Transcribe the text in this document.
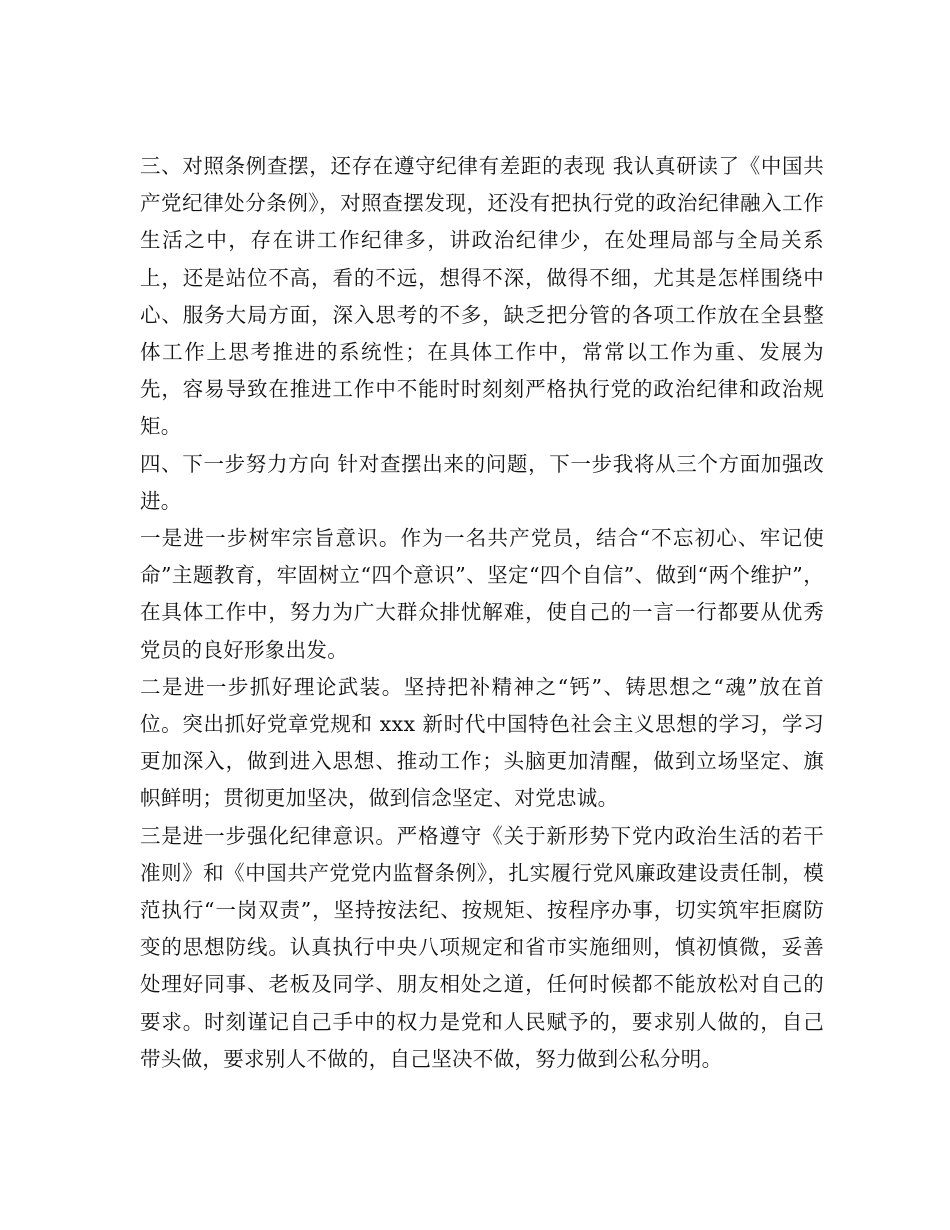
三、对照条例查摆，还存在遵守纪律有差距的表现 我认真研读了《中国共产党纪律处分条例》，对照查摆发现，还没有把执行党的政治纪律融入工作生活之中，存在讲工作纪律多，讲政治纪律少，在处理局部与全局关系上，还是站位不高，看的不远，想得不深，做得不细，尤其是怎样围绕中心、服务大局方面，深入思考的不多，缺乏把分管的各项工作放在全县整体工作上思考推进的系统性；在具体工作中，常常以工作为重、发展为先，容易导致在推进工作中不能时时刻刻严格执行党的政治纪律和政治规矩。

四、下一步努力方向 针对查摆出来的问题，下一步我将从三个方面加强改进。

一是进一步树牢宗旨意识。作为一名共产党员，结合“不忘初心、牢记使命”主题教育，牢固树立“四个意识”、坚定“四个自信”、做到“两个维护”，在具体工作中，努力为广大群众排忧解难，使自己的一言一行都要从优秀党员的良好形象出发。

二是进一步抓好理论武装。坚持把补精神之“钙”、铸思想之“魂”放在首位。突出抓好党章党规和 xxx 新时代中国特色社会主义思想的学习，学习更加深入，做到进入思想、推动工作；头脑更加清醒，做到立场坚定、旗帜鲜明；贯彻更加坚决，做到信念坚定、对党忠诚。

三是进一步强化纪律意识。严格遵守《关于新形势下党内政治生活的若干准则》和《中国共产党党内监督条例》，扎实履行党风廉政建设责任制，模范执行“一岗双责”，坚持按法纪、按规矩、按程序办事，切实筑牢拒腐防变的思想防线。认真执行中央八项规定和省市实施细则，慎初慎微，妥善处理好同事、老板及同学、朋友相处之道，任何时候都不能放松对自己的要求。时刻谨记自己手中的权力是党和人民赋予的，要求别人做的，自己带头做，要求别人不做的，自己坚决不做，努力做到公私分明。
